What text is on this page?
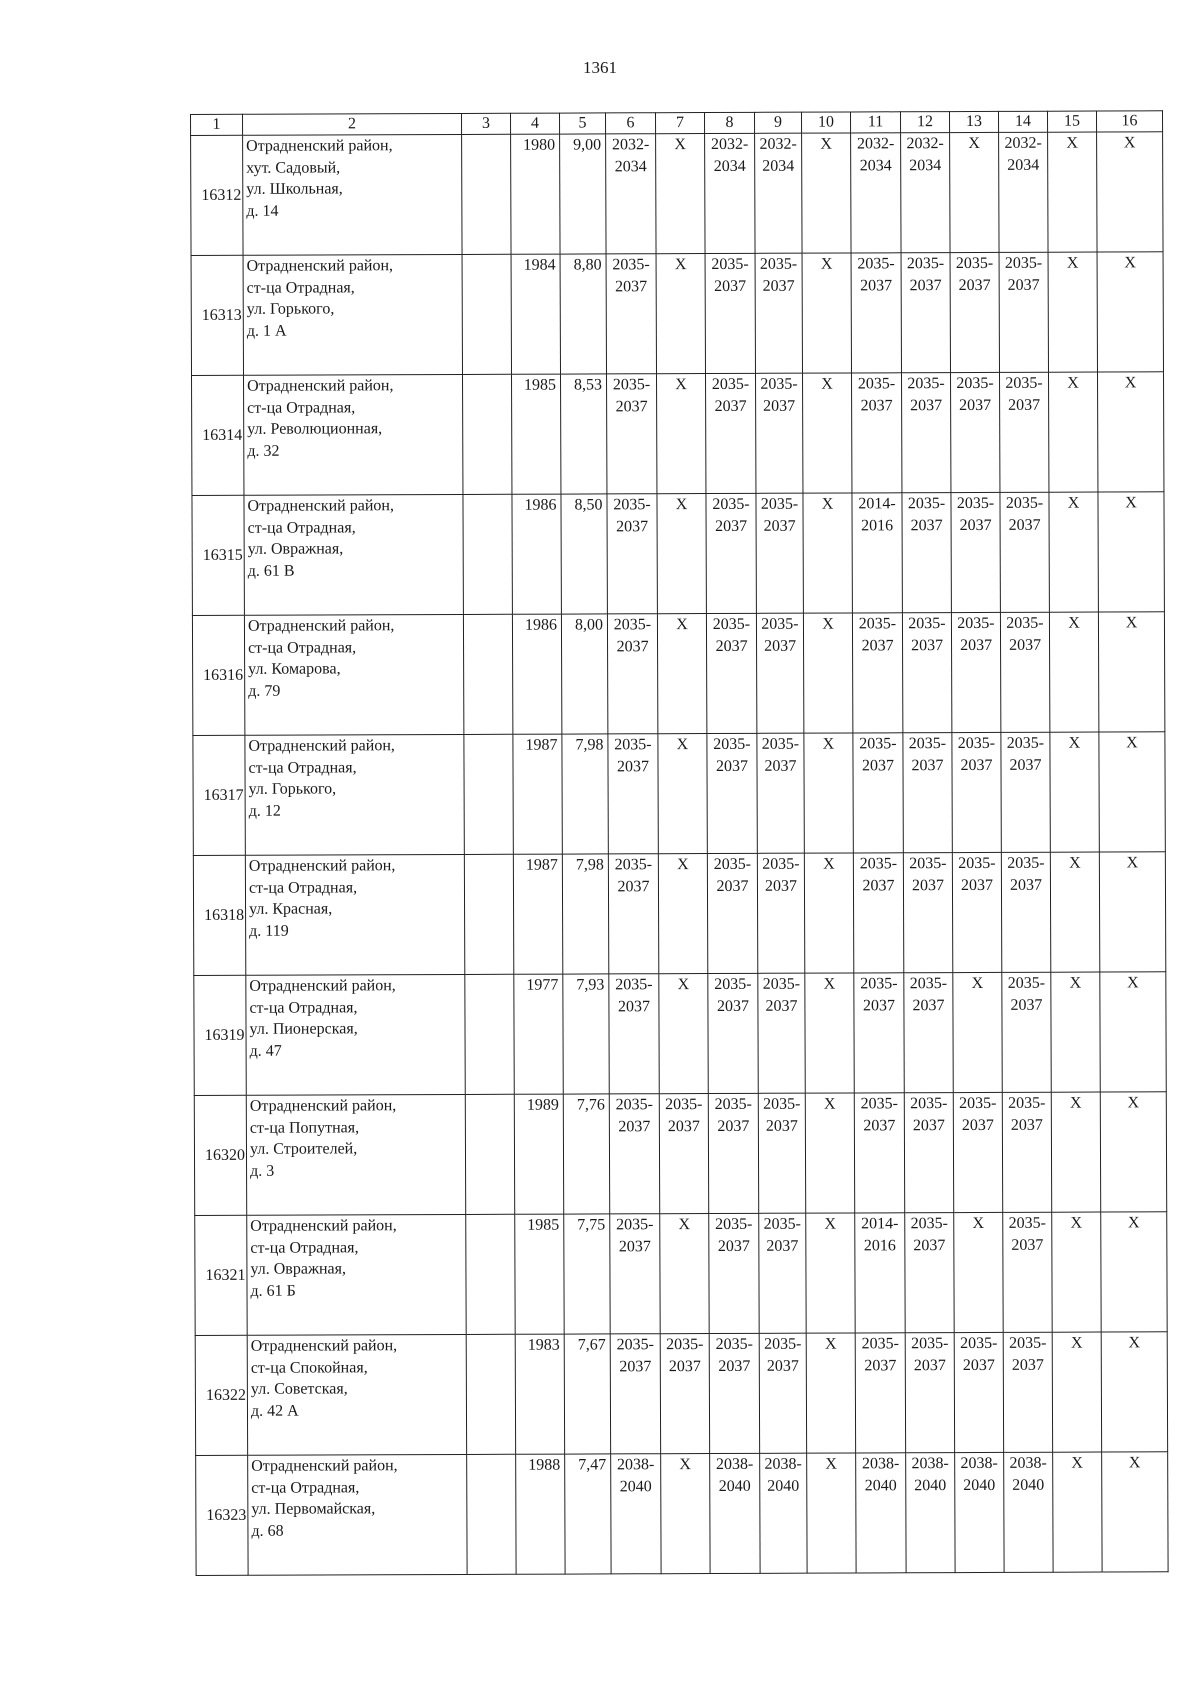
1361
1	2	3	4	5	6	7	8	9	10	11	12	13	14	15	16
16312	Отрадненский район,
хут. Садовый,
ул. Школьная,
д. 14		1980	9,00	2032-
2034	X	2032-
2034	2032-
2034	X	2032-
2034	2032-
2034	X	2032-
2034	X	X
16313	Отрадненский район,
ст-ца Отрадная,
ул. Горького,
д. 1 А		1984	8,80	2035-
2037	X	2035-
2037	2035-
2037	X	2035-
2037	2035-
2037	2035-
2037	2035-
2037	X	X
16314	Отрадненский район,
ст-ца Отрадная,
ул. Революционная,
д. 32		1985	8,53	2035-
2037	X	2035-
2037	2035-
2037	X	2035-
2037	2035-
2037	2035-
2037	2035-
2037	X	X
16315	Отрадненский район,
ст-ца Отрадная,
ул. Овражная,
д. 61 В		1986	8,50	2035-
2037	X	2035-
2037	2035-
2037	X	2014-
2016	2035-
2037	2035-
2037	2035-
2037	X	X
16316	Отрадненский район,
ст-ца Отрадная,
ул. Комарова,
д. 79		1986	8,00	2035-
2037	X	2035-
2037	2035-
2037	X	2035-
2037	2035-
2037	2035-
2037	2035-
2037	X	X
16317	Отрадненский район,
ст-ца Отрадная,
ул. Горького,
д. 12		1987	7,98	2035-
2037	X	2035-
2037	2035-
2037	X	2035-
2037	2035-
2037	2035-
2037	2035-
2037	X	X
16318	Отрадненский район,
ст-ца Отрадная,
ул. Красная,
д. 119		1987	7,98	2035-
2037	X	2035-
2037	2035-
2037	X	2035-
2037	2035-
2037	2035-
2037	2035-
2037	X	X
16319	Отрадненский район,
ст-ца Отрадная,
ул. Пионерская,
д. 47		1977	7,93	2035-
2037	X	2035-
2037	2035-
2037	X	2035-
2037	2035-
2037	X	2035-
2037	X	X
16320	Отрадненский район,
ст-ца Попутная,
ул. Строителей,
д. 3		1989	7,76	2035-
2037	2035-
2037	2035-
2037	2035-
2037	X	2035-
2037	2035-
2037	2035-
2037	2035-
2037	X	X
16321	Отрадненский район,
ст-ца Отрадная,
ул. Овражная,
д. 61 Б		1985	7,75	2035-
2037	X	2035-
2037	2035-
2037	X	2014-
2016	2035-
2037	X	2035-
2037	X	X
16322	Отрадненский район,
ст-ца Спокойная,
ул. Советская,
д. 42 А		1983	7,67	2035-
2037	2035-
2037	2035-
2037	2035-
2037	X	2035-
2037	2035-
2037	2035-
2037	2035-
2037	X	X
16323	Отрадненский район,
ст-ца Отрадная,
ул. Первомайская,
д. 68		1988	7,47	2038-
2040	X	2038-
2040	2038-
2040	X	2038-
2040	2038-
2040	2038-
2040	2038-
2040	X	X
